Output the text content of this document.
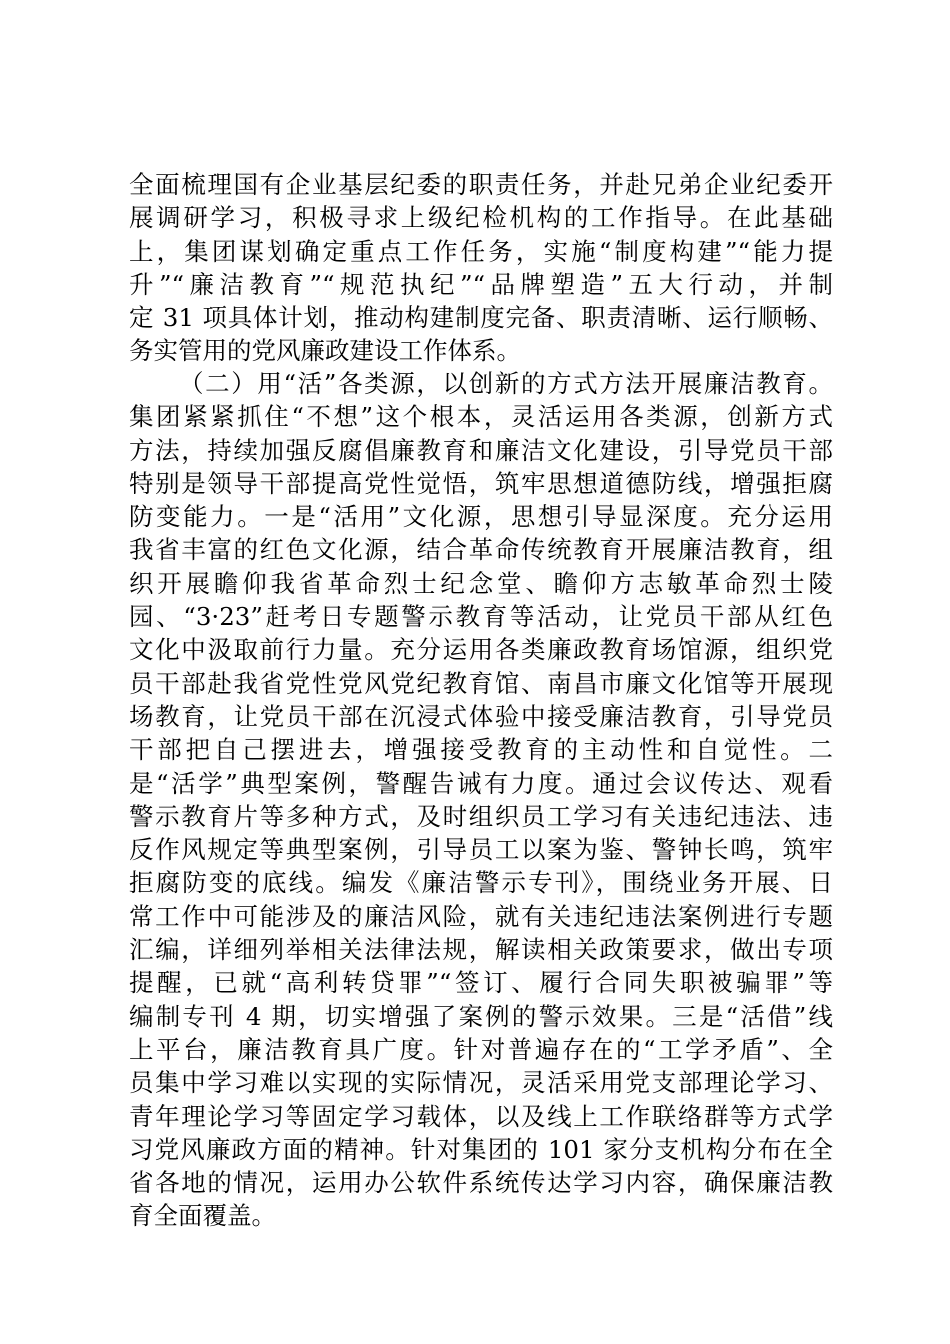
全面梳理国有企业基层纪委的职责任务，并赴兄弟企业纪委开
展调研学习，积极寻求上级纪检机构的工作指导。在此基础
上，集团谋划确定重点工作任务，实施“制度构建”“能力提
升”“廉洁教育”“规范执纪”“品牌塑造”五大行动，并制
定 31 项具体计划，推动构建制度完备、职责清晰、运行顺畅、
务实管用的党风廉政建设工作体系。
（二）用“活”各类源，以创新的方式方法开展廉洁教育。
集团紧紧抓住“不想”这个根本，灵活运用各类源，创新方式
方法，持续加强反腐倡廉教育和廉洁文化建设，引导党员干部
特别是领导干部提高党性觉悟，筑牢思想道德防线，增强拒腐
防变能力。一是“活用”文化源，思想引导显深度。充分运用
我省丰富的红色文化源，结合革命传统教育开展廉洁教育，组
织开展瞻仰我省革命烈士纪念堂、瞻仰方志敏革命烈士陵
园、“3·23”赶考日专题警示教育等活动，让党员干部从红色
文化中汲取前行力量。充分运用各类廉政教育场馆源，组织党
员干部赴我省党性党风党纪教育馆、南昌市廉文化馆等开展现
场教育，让党员干部在沉浸式体验中接受廉洁教育，引导党员
干部把自己摆进去，增强接受教育的主动性和自觉性。二
是“活学”典型案例，警醒告诫有力度。通过会议传达、观看
警示教育片等多种方式，及时组织员工学习有关违纪违法、违
反作风规定等典型案例，引导员工以案为鉴、警钟长鸣，筑牢
拒腐防变的底线。编发《廉洁警示专刊》，围绕业务开展、日
常工作中可能涉及的廉洁风险，就有关违纪违法案例进行专题
汇编，详细列举相关法律法规，解读相关政策要求，做出专项
提醒，已就“高利转贷罪”“签订、履行合同失职被骗罪”等
编制专刊 4 期，切实增强了案例的警示效果。三是“活借”线
上平台，廉洁教育具广度。针对普遍存在的“工学矛盾”、全
员集中学习难以实现的实际情况，灵活采用党支部理论学习、
青年理论学习等固定学习载体，以及线上工作联络群等方式学
习党风廉政方面的精神。针对集团的 101 家分支机构分布在全
省各地的情况，运用办公软件系统传达学习内容，确保廉洁教
育全面覆盖。
